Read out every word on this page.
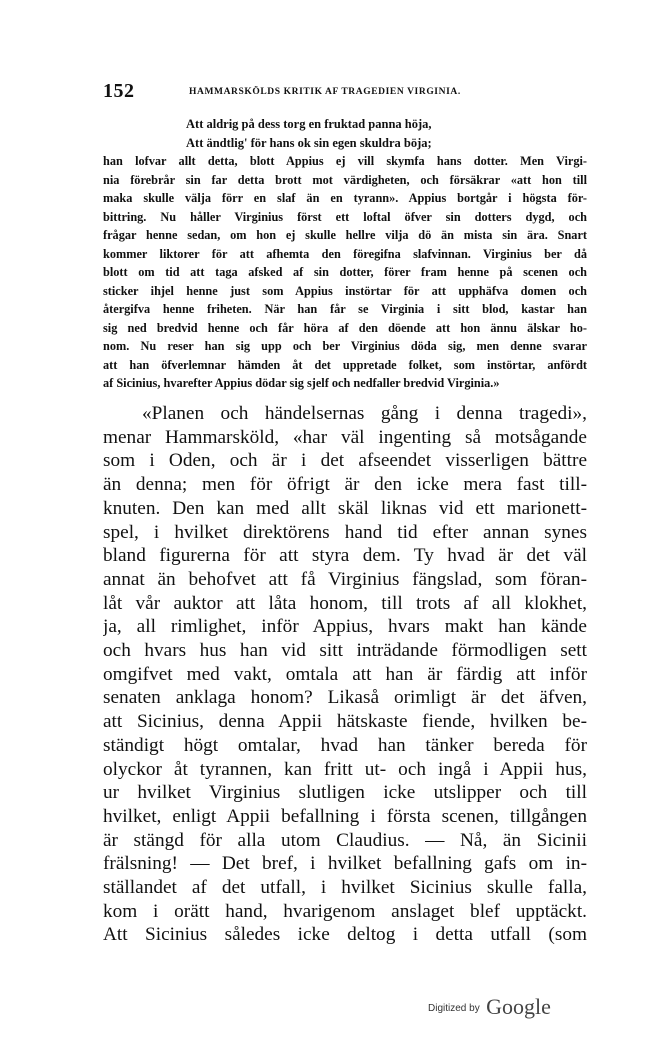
152	HAMMARSKÖLDS KRITIK AF TRAGEDIEN VIRGINIA.
Att aldrig på dess torg en fruktad panna höja,
Att ändtlig' för hans ok sin egen skuldra böja;
han lofvar allt detta, blott Appius ej vill skymfa hans dotter. Men Virgi-
nia förebrår sin far detta brott mot värdigheten, och försäkrar «att hon till
maka skulle välja förr en slaf än en tyrann». Appius bortgår i högsta för-
bittring. Nu håller Virginius först ett loftal öfver sin dotters dygd, och
frågar henne sedan, om hon ej skulle hellre vilja dö än mista sin ära. Snart
kommer liktorer för att afhemta den föregifna slafvinnan. Virginius ber då
blott om tid att taga afsked af sin dotter, förer fram henne på scenen och
sticker ihjel henne just som Appius instörtar för att upphäfva domen och
återgifva henne friheten. När han får se Virginia i sitt blod, kastar han
sig ned bredvid henne och får höra af den döende att hon ännu älskar ho-
nom. Nu reser han sig upp och ber Virginius döda sig, men denne svarar
att han öfverlemnar hämden åt det uppretade folket, som instörtar, anfördt
af Sicinius, hvarefter Appius dödar sig sjelf och nedfaller bredvid Virginia.»
«Planen och händelsernas gång i denna tragedi»,
menar Hammarsköld, «har väl ingenting så motsågande
som i Oden, och är i det afseendet visserligen bättre
än denna; men för öfrigt är den icke mera fast till-
knuten. Den kan med allt skäl liknas vid ett marionett-
spel, i hvilket direktörens hand tid efter annan synes
bland figurerna för att styra dem. Ty hvad är det väl
annat än behofvet att få Virginius fängslad, som föran-
låt vår auktor att låta honom, till trots af all klokhet,
ja, all rimlighet, inför Appius, hvars makt han kände
och hvars hus han vid sitt inträdande förmodligen sett
omgifvet med vakt, omtala att han är färdig att inför
senaten anklaga honom? Likaså orimligt är det äfven,
att Sicinius, denna Appii hätskaste fiende, hvilken be-
ständigt högt omtalar, hvad han tänker bereda för
olyckor åt tyrannen, kan fritt ut- och ingå i Appii hus,
ur hvilket Virginius slutligen icke utslipper och till
hvilket, enligt Appii befallning i första scenen, tillgången
är stängd för alla utom Claudius. — Nå, än Sicinii
frälsning! — Det bref, i hvilket befallning gafs om in-
ställandet af det utfall, i hvilket Sicinius skulle falla,
kom i orätt hand, hvarigenom anslaget blef upptäckt.
Att Sicinius således icke deltog i detta utfall (som
Digitized by Google
